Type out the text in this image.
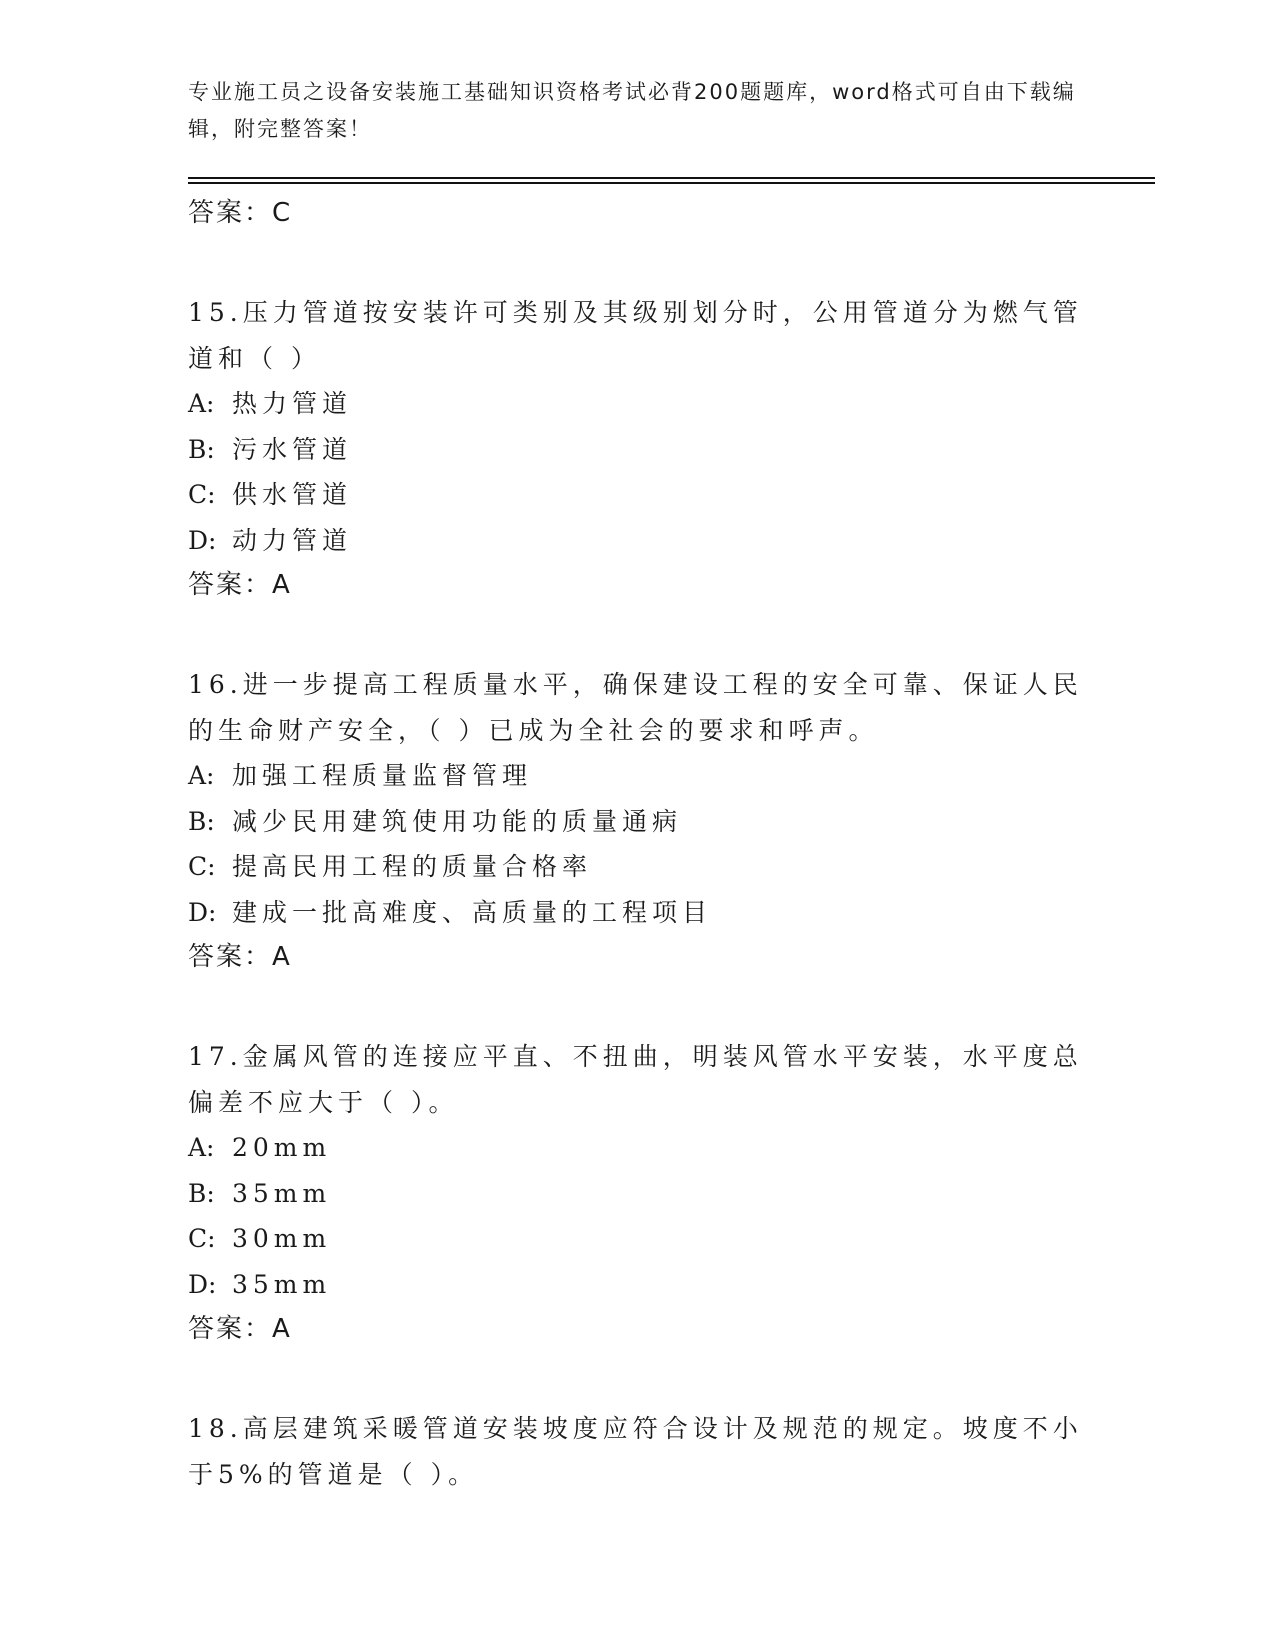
专业施工员之设备安装施工基础知识资格考试必背200题题库，word格式可自由下载编辑，附完整答案！
答案：C
15.压力管道按安装许可类别及其级别划分时，公用管道分为燃气管道和（ ）
A: 热力管道
B: 污水管道
C: 供水管道
D: 动力管道
答案：A
16.进一步提高工程质量水平，确保建设工程的安全可靠、保证人民的生命财产安全，（ ）已成为全社会的要求和呼声。
A: 加强工程质量监督管理
B: 减少民用建筑使用功能的质量通病
C: 提高民用工程的质量合格率
D: 建成一批高难度、高质量的工程项目
答案：A
17.金属风管的连接应平直、不扭曲，明装风管水平安装，水平度总偏差不应大于（ ）。
A: 20mm
B: 35mm
C: 30mm
D: 35mm
答案：A
18.高层建筑采暖管道安装坡度应符合设计及规范的规定。坡度不小于5%的管道是（ ）。
